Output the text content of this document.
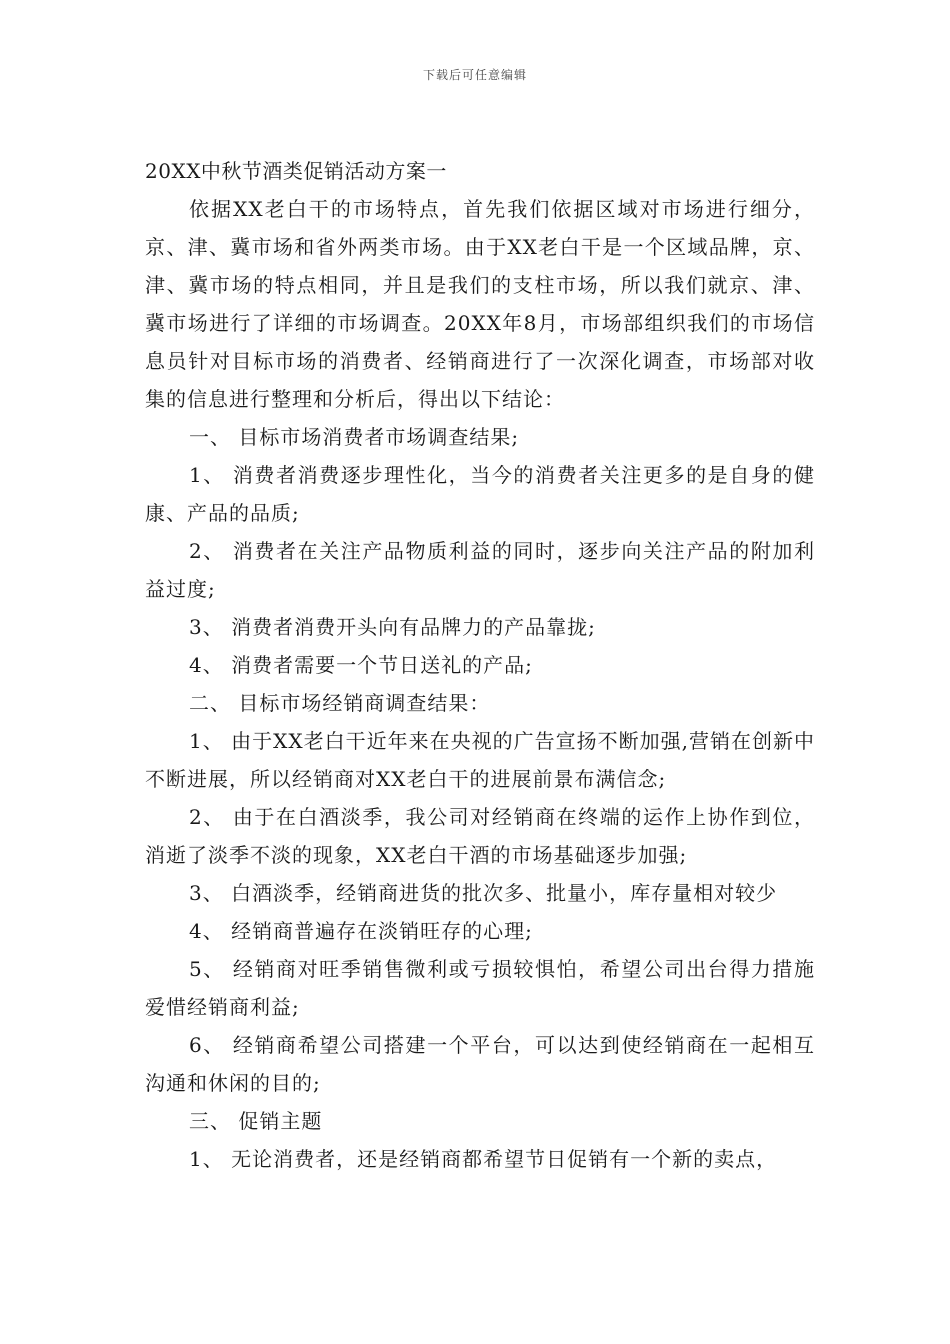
下载后可任意编辑
20XX中秋节酒类促销活动方案一

依据XX老白干的市场特点，首先我们依据区域对市场进行细分，京、津、冀市场和省外两类市场。由于XX老白干是一个区域品牌，京、津、冀市场的特点相同，并且是我们的支柱市场，所以我们就京、津、冀市场进行了详细的市场调查。20XX年8月，市场部组织我们的市场信息员针对目标市场的消费者、经销商进行了一次深化调查，市场部对收集的信息进行整理和分析后，得出以下结论：

一、 目标市场消费者市场调查结果;

1、 消费者消费逐步理性化，当今的消费者关注更多的是自身的健康、产品的品质;

2、 消费者在关注产品物质利益的同时，逐步向关注产品的附加利益过度;

3、 消费者消费开头向有品牌力的产品靠拢;

4、 消费者需要一个节日送礼的产品;

二、 目标市场经销商调查结果：

1、 由于XX老白干近年来在央视的广告宣扬不断加强,营销在创新中不断进展，所以经销商对XX老白干的进展前景布满信念;

2、 由于在白酒淡季，我公司对经销商在终端的运作上协作到位，消逝了淡季不淡的现象，XX老白干酒的市场基础逐步加强;

3、 白酒淡季，经销商进货的批次多、批量小，库存量相对较少

4、 经销商普遍存在淡销旺存的心理;

5、 经销商对旺季销售微利或亏损较惧怕，希望公司出台得力措施爱惜经销商利益;

6、 经销商希望公司搭建一个平台，可以达到使经销商在一起相互沟通和休闲的目的;

三、 促销主题

1、 无论消费者，还是经销商都希望节日促销有一个新的卖点，
